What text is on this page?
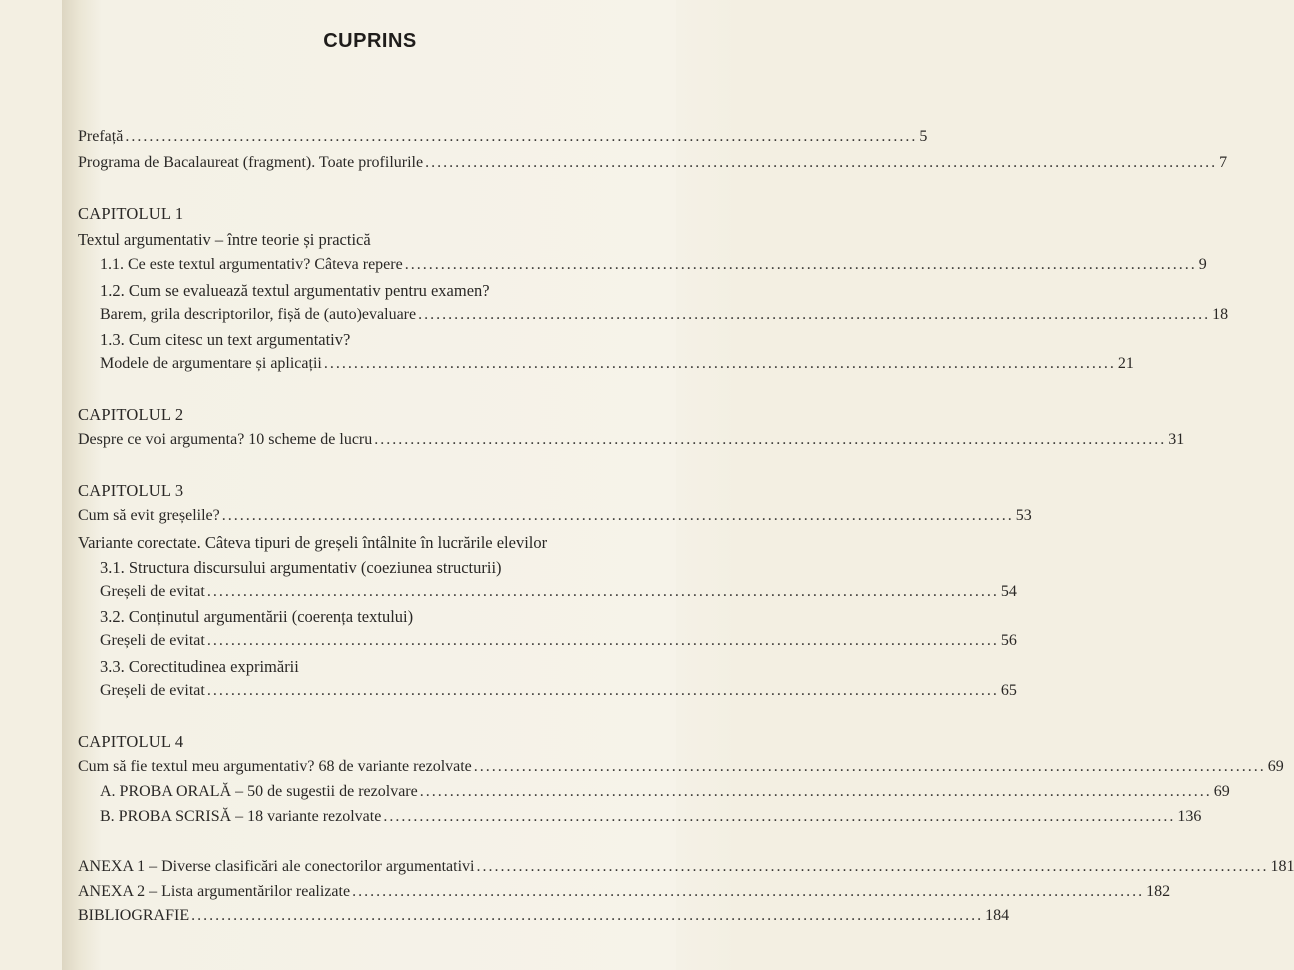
CUPRINS
Prefață .................................................................................................................................... 5
Programa de Bacalaureat (fragment). Toate profilurile .................................................................................................................................... 7
CAPITOLUL 1
Textul argumentativ – între teorie și practică
1.1. Ce este textul argumentativ? Câteva repere .................................................................................................................................... 9
1.2. Cum se evaluează textul argumentativ pentru examen?
Barem, grila descriptorilor, fișă de (auto)evaluare .................................................................................................................................... 18
1.3. Cum citesc un text argumentativ?
Modele de argumentare și aplicații .................................................................................................................................... 21
CAPITOLUL 2
Despre ce voi argumenta? 10 scheme de lucru .................................................................................................................................... 31
CAPITOLUL 3
Cum să evit greșelile? .................................................................................................................................... 53
Variante corectate. Câteva tipuri de greșeli întâlnite în lucrările elevilor
3.1. Structura discursului argumentativ (coeziunea structurii)
Greșeli de evitat .................................................................................................................................... 54
3.2. Conținutul argumentării (coerența textului)
Greșeli de evitat .................................................................................................................................... 56
3.3. Corectitudinea exprimării
Greșeli de evitat .................................................................................................................................... 65
CAPITOLUL 4
Cum să fie textul meu argumentativ? 68 de variante rezolvate .................................................................................................................................... 69
A. PROBA ORALĂ – 50 de sugestii de rezolvare .................................................................................................................................... 69
B. PROBA SCRISĂ – 18 variante rezolvate .................................................................................................................................... 136
ANEXA 1 – Diverse clasificări ale conectorilor argumentativi .................................................................................................................................... 181
ANEXA 2 – Lista argumentărilor realizate .................................................................................................................................... 182
BIBLIOGRAFIE .................................................................................................................................... 184
